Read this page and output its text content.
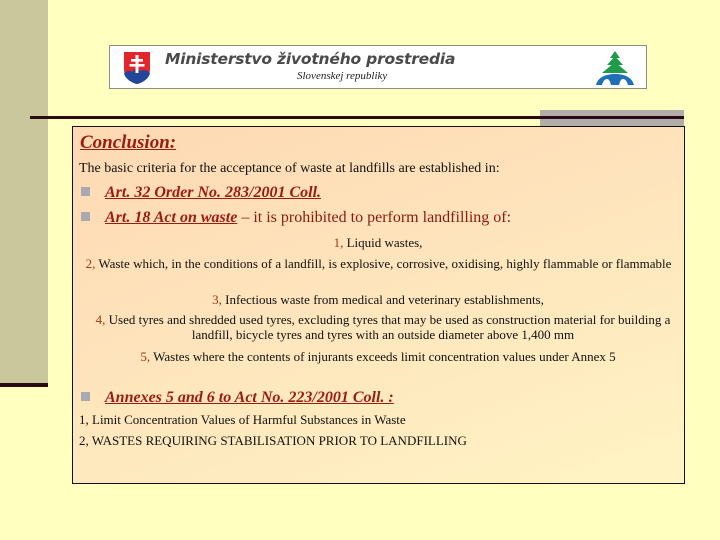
Ministerstvo životného prostredia
Slovenskej republiky
Conclusion:
The basic criteria for the acceptance of waste at landfills are established in:
Art. 32 Order No. 283/2001 Coll.
Art. 18 Act on waste – it is prohibited to perform landfilling of:
1, Liquid wastes,
2, Waste which, in the conditions of a landfill, is explosive, corrosive, oxidising, highly flammable or flammable
3, Infectious waste from medical and veterinary establishments,
4, Used tyres and shredded used tyres, excluding tyres that may be used as construction material for building a landfill, bicycle tyres and tyres with an outside diameter above 1,400 mm
5, Wastes where the contents of injurants exceeds limit concentration values under Annex 5
Annexes 5 and 6 to Act No. 223/2001 Coll. :
1, Limit Concentration Values of Harmful Substances in Waste
2, WASTES REQUIRING STABILISATION PRIOR TO LANDFILLING
